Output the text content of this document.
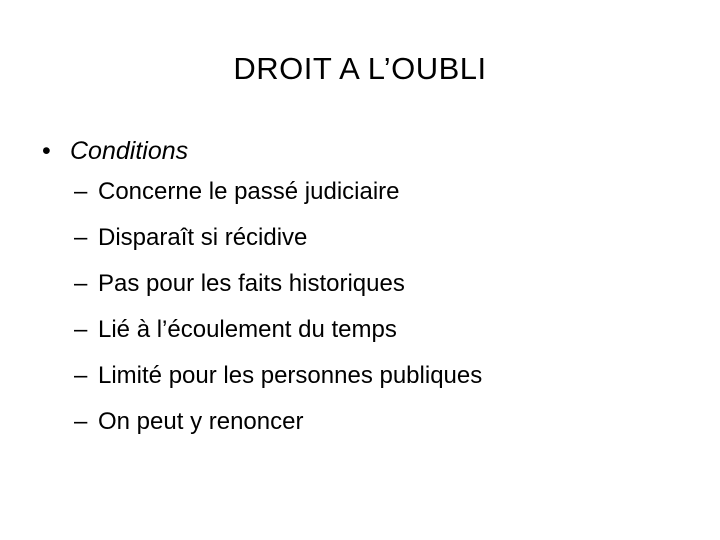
DROIT A L’OUBLI
• Conditions
– Concerne le passé judiciaire
– Disparaît si récidive
– Pas pour les faits historiques
– Lié à l’écoulement du temps
– Limité pour les personnes publiques
– On peut y renoncer
